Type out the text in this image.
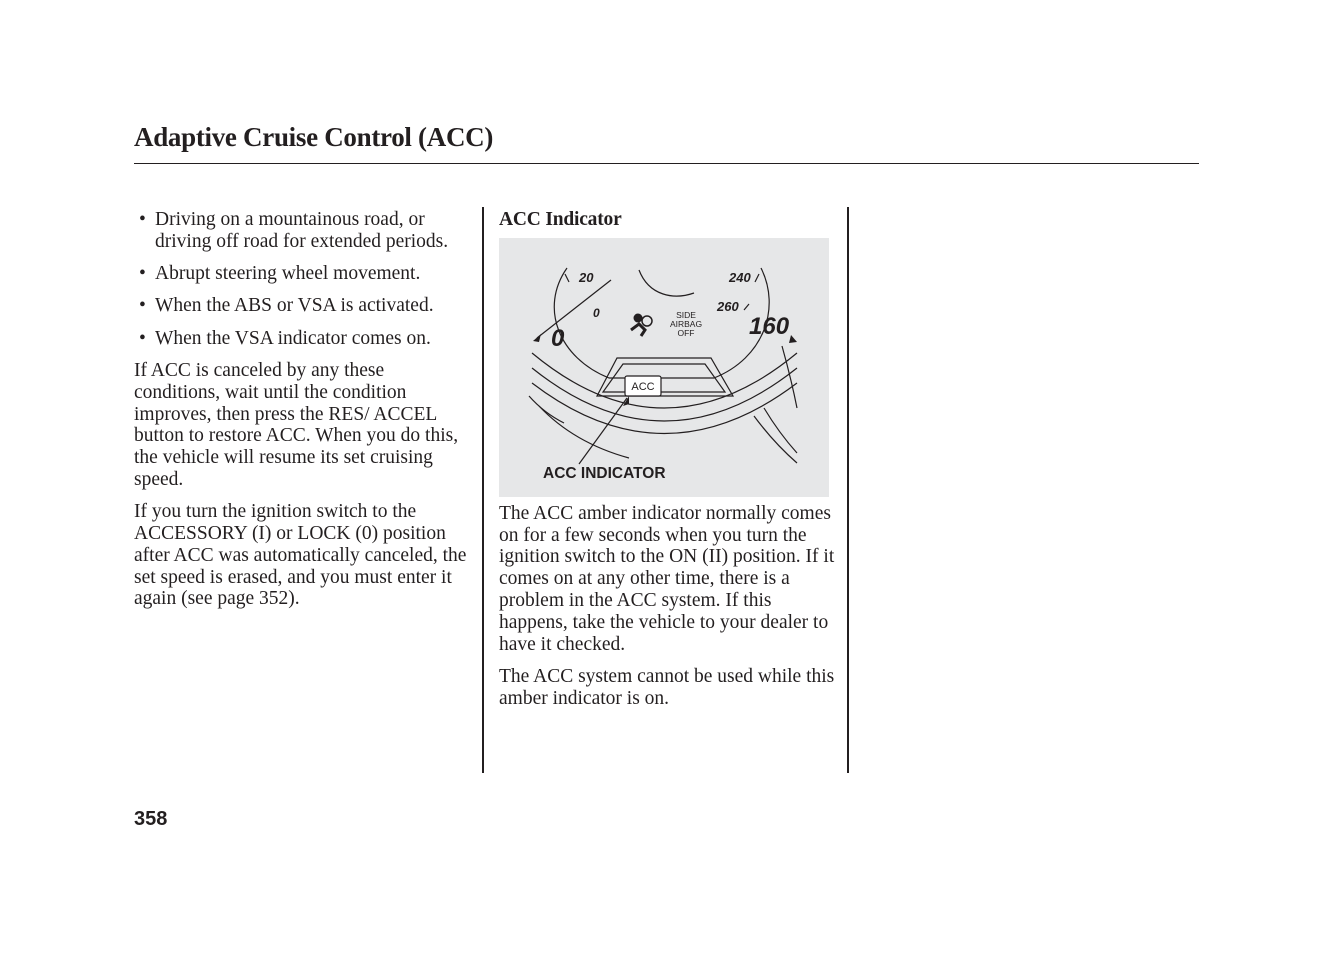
Adaptive Cruise Control (ACC)
• Driving on a mountainous road, or driving off road for extended periods.
• Abrupt steering wheel movement.
• When the ABS or VSA is activated.
• When the VSA indicator comes on.

If ACC is canceled by any these conditions, wait until the condition improves, then press the RES/ ACCEL button to restore ACC. When you do this, the vehicle will resume its set cruising speed.

If you turn the ignition switch to the ACCESSORY (I) or LOCK (0) position after ACC was automatically canceled, the set speed is erased, and you must enter it again (see page 352).

ACC Indicator

20	240
0	260
0	160
SIDE
AIRBAG
OFF
ACC
ACC INDICATOR

The ACC amber indicator normally comes on for a few seconds when you turn the ignition switch to the ON (II) position. If it comes on at any other time, there is a problem in the ACC system. If this happens, take the vehicle to your dealer to have it checked.

The ACC system cannot be used while this amber indicator is on.

358
